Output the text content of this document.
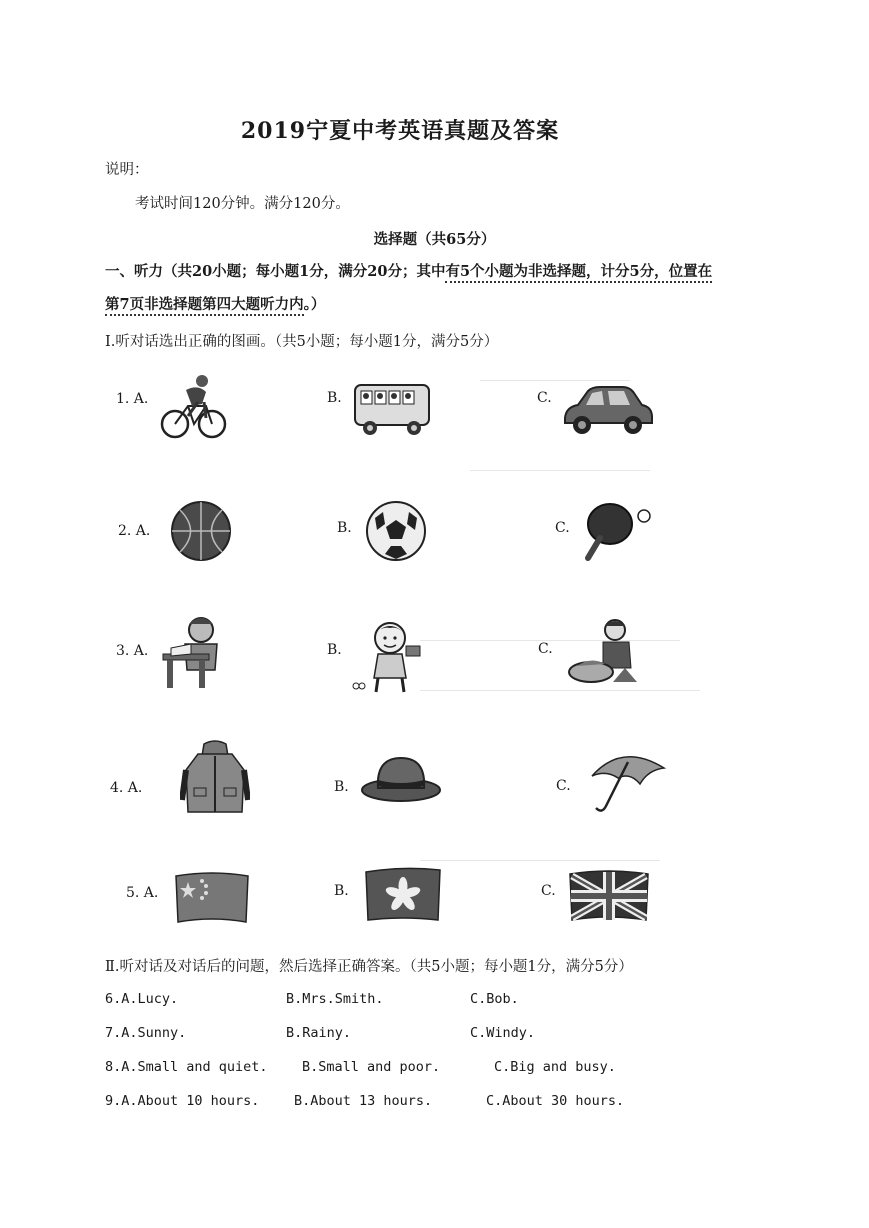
2019宁夏中考英语真题及答案
说明：
考试时间120分钟。满分120分。
选择题（共65分）
一、听力（共20小题；每小题1分，满分20分；其中有5个小题为非选择题，计分5分，位置在
第7页非选择题第四大题听力内。）
Ⅰ.听对话选出正确的图画。（共5小题；每小题1分，满分5分）
1. A.	B.	C.
2. A.	B.	C.
3. A.	B.	C.
4. A.	B.	C.
5. A.	B.	C.
Ⅱ.听对话及对话后的问题，然后选择正确答案。（共5小题；每小题1分，满分5分）
6.A.Lucy.	B.Mrs.Smith.	C.Bob.
7.A.Sunny.	B.Rainy.	C.Windy.
8.A.Small and quiet.	B.Small and poor.	C.Big and busy.
9.A.About 10 hours.	B.About 13 hours.	C.About 30 hours.
